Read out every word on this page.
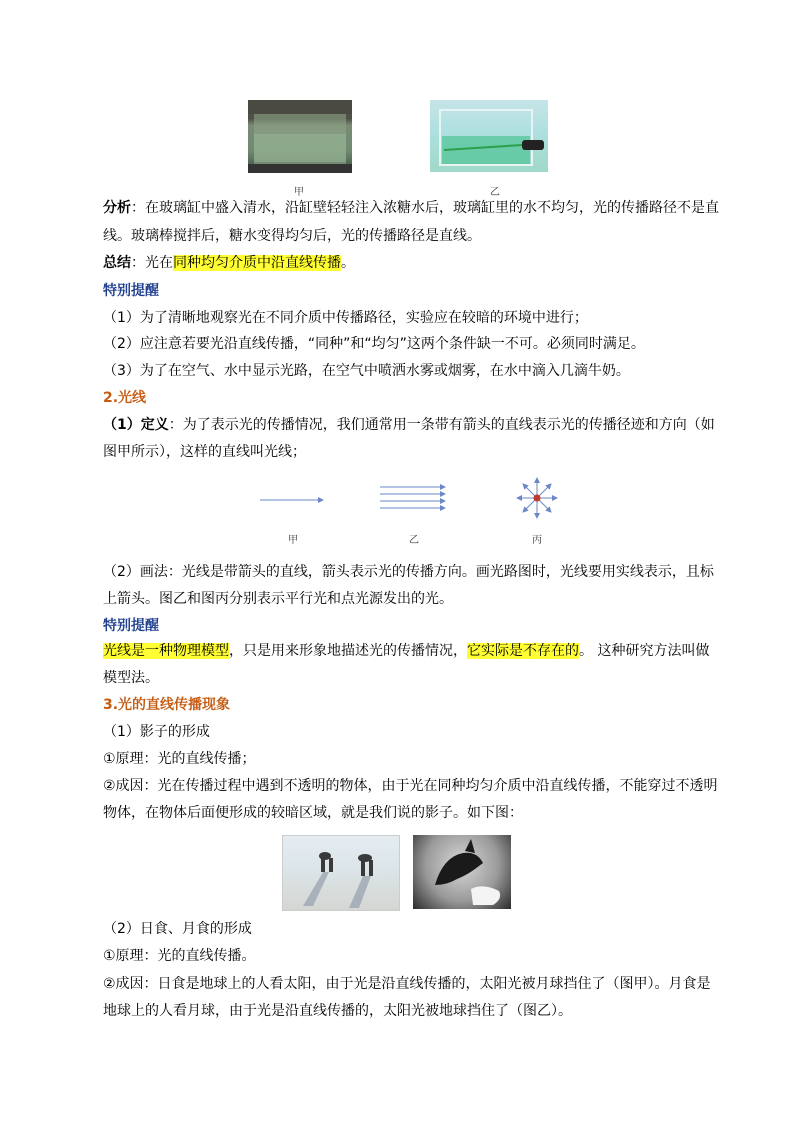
甲	乙
分析：在玻璃缸中盛入清水，沿缸壁轻轻注入浓糖水后，玻璃缸里的水不均匀，光的传播路径不是直
线。玻璃棒搅拌后，糖水变得均匀后，光的传播路径是直线。
总结：光在同种均匀介质中沿直线传播。
特别提醒
（1）为了清晰地观察光在不同介质中传播路径，实验应在较暗的环境中进行；
（2）应注意若要光沿直线传播，“同种”和“均匀”这两个条件缺一不可。必须同时满足。
（3）为了在空气、水中显示光路，在空气中喷洒水雾或烟雾，在水中滴入几滴牛奶。
2.光线
（1）定义：为了表示光的传播情况，我们通常用一条带有箭头的直线表示光的传播径迹和方向（如
图甲所示），这样的直线叫光线；
甲	乙	丙
（2）画法：光线是带箭头的直线，箭头表示光的传播方向。画光路图时，光线要用实线表示，且标
上箭头。图乙和图丙分别表示平行光和点光源发出的光。
特别提醒
光线是一种物理模型，只是用来形象地描述光的传播情况，它实际是不存在的。 这种研究方法叫做
模型法。
3.光的直线传播现象
（1）影子的形成
①原理：光的直线传播；
②成因：光在传播过程中遇到不透明的物体，由于光在同种均匀介质中沿直线传播，不能穿过不透明
物体，在物体后面便形成的较暗区域，就是我们说的影子。如下图：
（2）日食、月食的形成
①原理：光的直线传播。
②成因：日食是地球上的人看太阳，由于光是沿直线传播的，太阳光被月球挡住了（图甲）。月食是
地球上的人看月球，由于光是沿直线传播的，太阳光被地球挡住了（图乙）。
